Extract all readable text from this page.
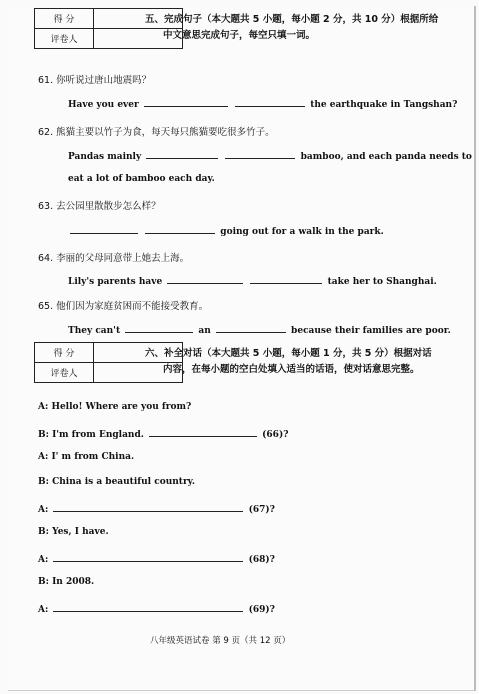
得 分	
评卷人	
五、完成句子（本大题共 5 小题，每小题 2 分，共 10 分）根据所给
中文意思完成句子，每空只填一词。
61. 你听说过唐山地震吗？
Have you ever	the earthquake in Tangshan?
62. 熊猫主要以竹子为食，每天每只熊猫要吃很多竹子。
Pandas mainly	bamboo, and each panda needs to
eat a lot of bamboo each day.
63. 去公园里散散步怎么样？
going out for a walk in the park.
64. 李丽的父母同意带上她去上海。
Lily's parents have	take her to Shanghai.
65. 他们因为家庭贫困而不能接受教育。
They can't	an	because their families are poor.
得 分	
评卷人	
六、补全对话（本大题共 5 小题，每小题 1 分，共 5 分）根据对话
内容，在每小题的空白处填入适当的话语，使对话意思完整。
A: Hello! Where are you from?
B: I'm from England.	(66)?
A: I' m from China.
B: China is a beautiful country.
A:	(67)?
B: Yes, I have.
A:	(68)?
B: In 2008.
A:	(69)?
八年级英语试卷 第 9 页（共 12 页）
